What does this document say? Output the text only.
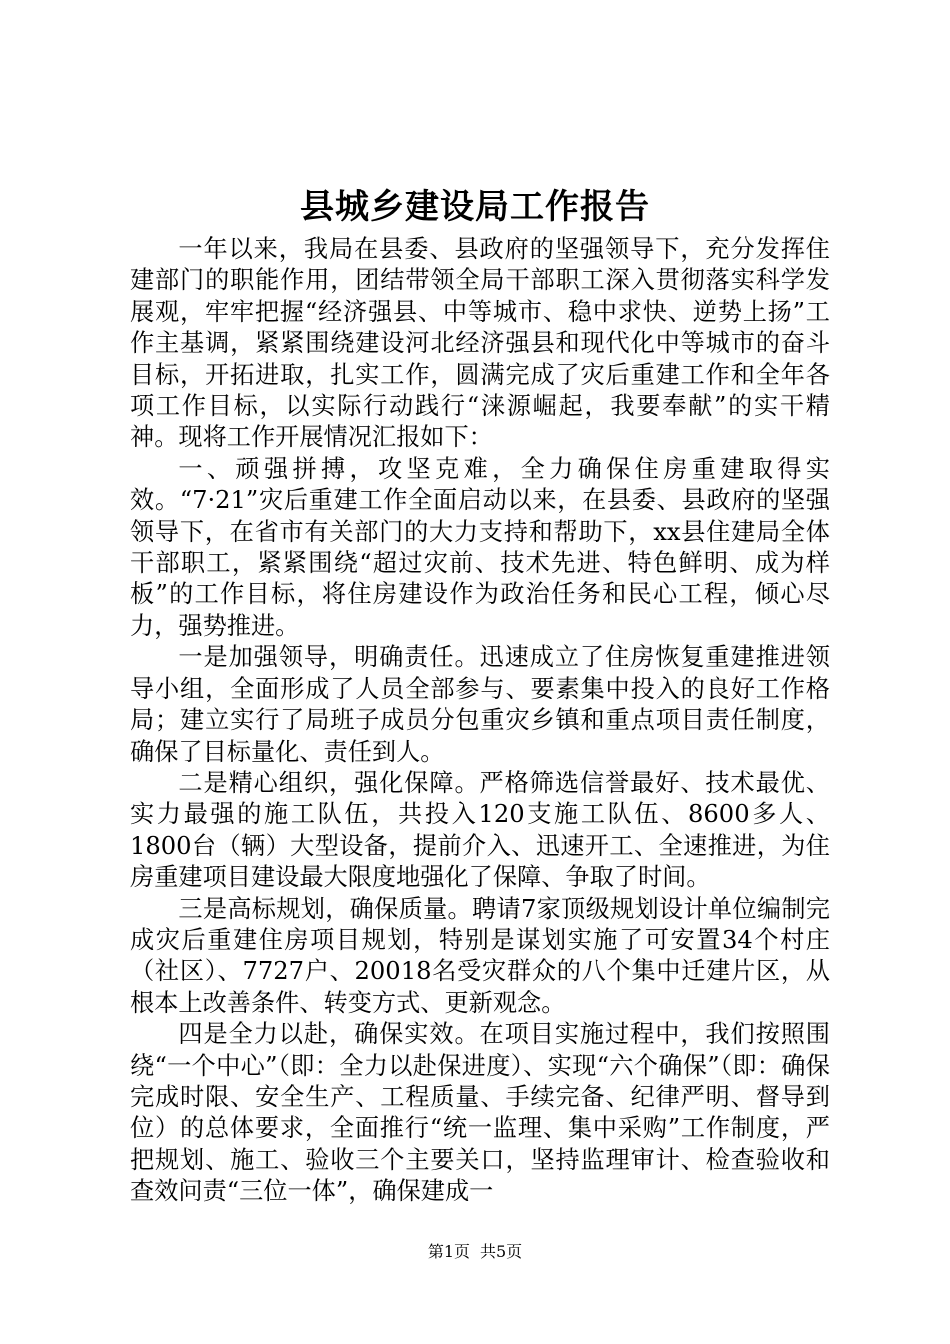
县城乡建设局工作报告

一年以来，我局在县委、县政府的坚强领导下，充分发挥住建部门的职能作用，团结带领全局干部职工深入贯彻落实科学发展观，牢牢把握“经济强县、中等城市、稳中求快、逆势上扬”工作主基调，紧紧围绕建设河北经济强县和现代化中等城市的奋斗目标，开拓进取，扎实工作，圆满完成了灾后重建工作和全年各项工作目标，以实际行动践行“涞源崛起，我要奉献”的实干精神。现将工作开展情况汇报如下：

一、顽强拼搏，攻坚克难，全力确保住房重建取得实效。“7·21”灾后重建工作全面启动以来，在县委、县政府的坚强领导下，在省市有关部门的大力支持和帮助下，xx县住建局全体干部职工，紧紧围绕“超过灾前、技术先进、特色鲜明、成为样板”的工作目标，将住房建设作为政治任务和民心工程，倾心尽力，强势推进。

一是加强领导，明确责任。迅速成立了住房恢复重建推进领导小组，全面形成了人员全部参与、要素集中投入的良好工作格局；建立实行了局班子成员分包重灾乡镇和重点项目责任制度，确保了目标量化、责任到人。

二是精心组织，强化保障。严格筛选信誉最好、技术最优、实力最强的施工队伍，共投入120支施工队伍、8600多人、1800台（辆）大型设备，提前介入、迅速开工、全速推进，为住房重建项目建设最大限度地强化了保障、争取了时间。

三是高标规划，确保质量。聘请7家顶级规划设计单位编制完成灾后重建住房项目规划，特别是谋划实施了可安置34个村庄（社区）、7727户、20018名受灾群众的八个集中迁建片区，从根本上改善条件、转变方式、更新观念。

四是全力以赴，确保实效。在项目实施过程中，我们按照围绕“一个中心”（即：全力以赴保进度）、实现“六个确保”（即：确保完成时限、安全生产、工程质量、手续完备、纪律严明、督导到位）的总体要求，全面推行“统一监理、集中采购”工作制度，严把规划、施工、验收三个主要关口，坚持监理审计、检查验收和查效问责“三位一体”，确保建成一

第1页 共5页
